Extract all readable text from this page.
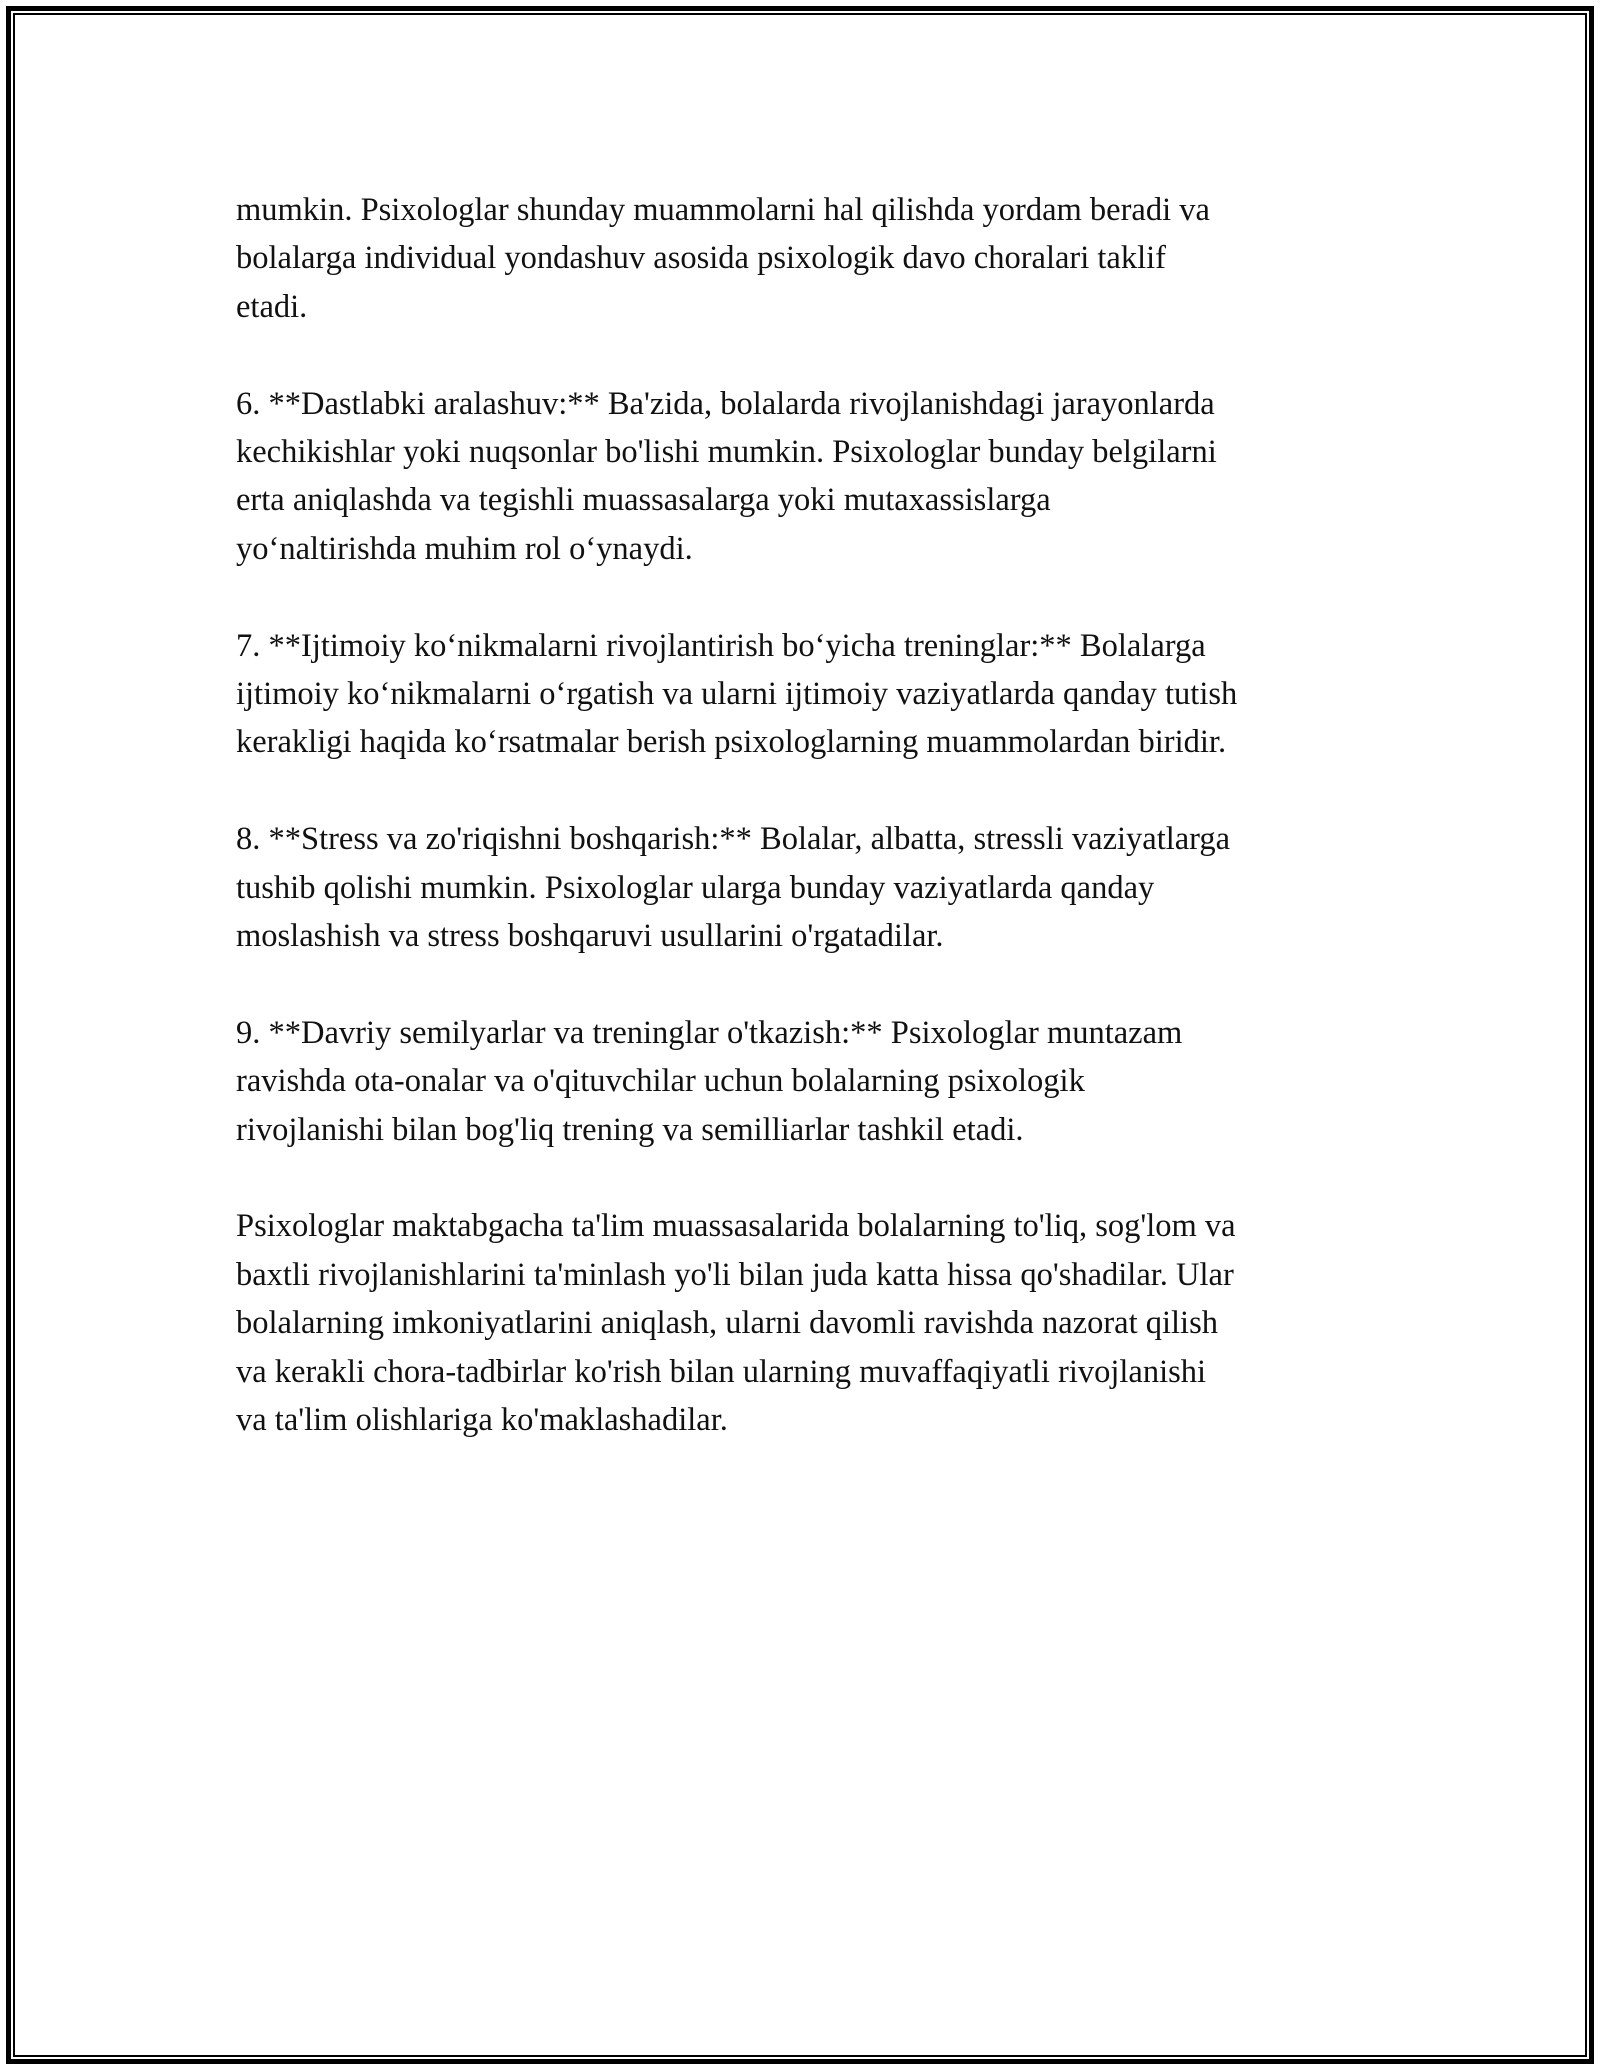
mumkin. Psixologlar shunday muammolarni hal qilishda yordam beradi va
bolalarga individual yondashuv asosida psixologik davo choralari taklif
etadi.

6. **Dastlabki aralashuv:** Ba'zida, bolalarda rivojlanishdagi jarayonlarda
kechikishlar yoki nuqsonlar bo'lishi mumkin. Psixologlar bunday belgilarni
erta aniqlashda va tegishli muassasalarga yoki mutaxassislarga
yo‘naltirishda muhim rol o‘ynaydi.

7. **Ijtimoiy ko‘nikmalarni rivojlantirish bo‘yicha treninglar:** Bolalarga
ijtimoiy ko‘nikmalarni o‘rgatish va ularni ijtimoiy vaziyatlarda qanday tutish
kerakligi haqida ko‘rsatmalar berish psixologlarning muammolardan biridir.

8. **Stress va zo'riqishni boshqarish:** Bolalar, albatta, stressli vaziyatlarga
tushib qolishi mumkin. Psixologlar ularga bunday vaziyatlarda qanday
moslashish va stress boshqaruvi usullarini o'rgatadilar.

9. **Davriy semilyarlar va treninglar o'tkazish:** Psixologlar muntazam
ravishda ota-onalar va o'qituvchilar uchun bolalarning psixologik
rivojlanishi bilan bog'liq trening va semilliarlar tashkil etadi.

Psixologlar maktabgacha ta'lim muassasalarida bolalarning to'liq, sog'lom va
baxtli rivojlanishlarini ta'minlash yo'li bilan juda katta hissa qo'shadilar. Ular
bolalarning imkoniyatlarini aniqlash, ularni davomli ravishda nazorat qilish
va kerakli chora-tadbirlar ko'rish bilan ularning muvaffaqiyatli rivojlanishi
va ta'lim olishlariga ko'maklashadilar.
